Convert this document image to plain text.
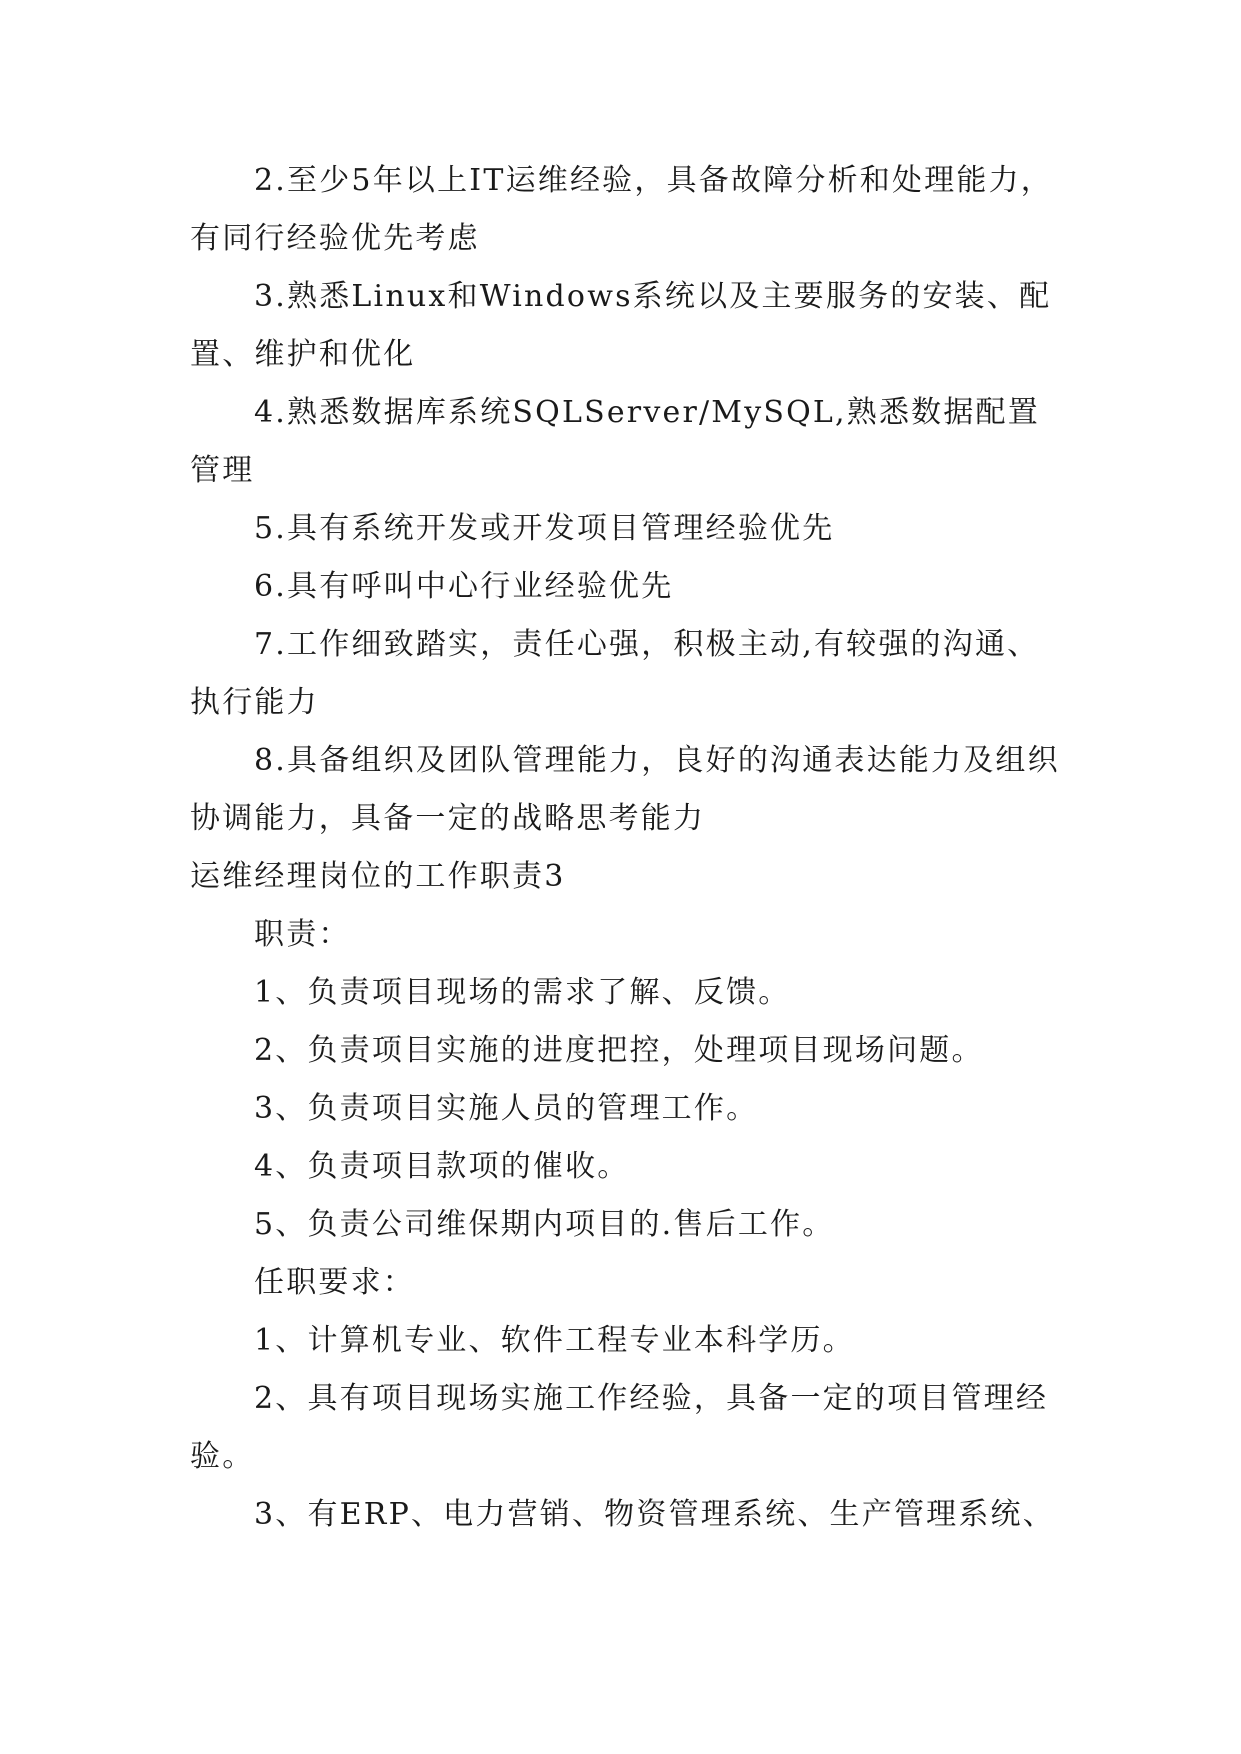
2.至少5年以上IT运维经验，具备故障分析和处理能力，有同行经验优先考虑

3.熟悉Linux和Windows系统以及主要服务的安装、配置、维护和优化

4.熟悉数据库系统SQLServer/MySQL,熟悉数据配置管理

5.具有系统开发或开发项目管理经验优先

6.具有呼叫中心行业经验优先

7.工作细致踏实，责任心强，积极主动,有较强的沟通、执行能力

8.具备组织及团队管理能力，良好的沟通表达能力及组织协调能力，具备一定的战略思考能力

运维经理岗位的工作职责3

职责：

1、负责项目现场的需求了解、反馈。

2、负责项目实施的进度把控，处理项目现场问题。

3、负责项目实施人员的管理工作。

4、负责项目款项的催收。

5、负责公司维保期内项目的.售后工作。

任职要求：

1、计算机专业、软件工程专业本科学历。

2、具有项目现场实施工作经验，具备一定的项目管理经验。

3、有ERP、电力营销、物资管理系统、生产管理系统、
